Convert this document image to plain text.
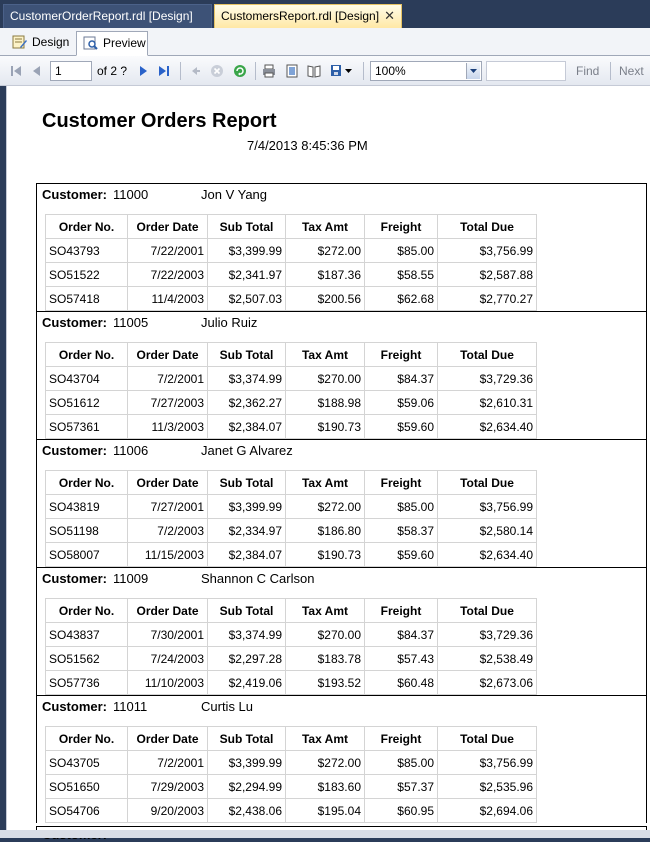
CustomerOrderReport.rdl [Design]	CustomersReport.rdl [Design] ✕
Design	Preview
1	of 2 ?	100%	Find Next
Customer Orders Report
7/4/2013 8:45:36 PM
Customer: 11000	Jon V Yang
Order No.	Order Date	Sub Total	Tax Amt	Freight	Total Due
SO43793	7/22/2001	$3,399.99	$272.00	$85.00	$3,756.99
SO51522	7/22/2003	$2,341.97	$187.36	$58.55	$2,587.88
SO57418	11/4/2003	$2,507.03	$200.56	$62.68	$2,770.27
Customer: 11005	Julio Ruiz
Order No.	Order Date	Sub Total	Tax Amt	Freight	Total Due
SO43704	7/2/2001	$3,374.99	$270.00	$84.37	$3,729.36
SO51612	7/27/2003	$2,362.27	$188.98	$59.06	$2,610.31
SO57361	11/3/2003	$2,384.07	$190.73	$59.60	$2,634.40
Customer: 11006	Janet G Alvarez
Order No.	Order Date	Sub Total	Tax Amt	Freight	Total Due
SO43819	7/27/2001	$3,399.99	$272.00	$85.00	$3,756.99
SO51198	7/2/2003	$2,334.97	$186.80	$58.37	$2,580.14
SO58007	11/15/2003	$2,384.07	$190.73	$59.60	$2,634.40
Customer: 11009	Shannon C Carlson
Order No.	Order Date	Sub Total	Tax Amt	Freight	Total Due
SO43837	7/30/2001	$3,374.99	$270.00	$84.37	$3,729.36
SO51562	7/24/2003	$2,297.28	$183.78	$57.43	$2,538.49
SO57736	11/10/2003	$2,419.06	$193.52	$60.48	$2,673.06
Customer: 11011	Curtis Lu
Order No.	Order Date	Sub Total	Tax Amt	Freight	Total Due
SO43705	7/2/2001	$3,399.99	$272.00	$85.00	$3,756.99
SO51650	7/29/2003	$2,294.99	$183.60	$57.37	$2,535.96
SO54706	9/20/2003	$2,438.06	$195.04	$60.95	$2,694.06
